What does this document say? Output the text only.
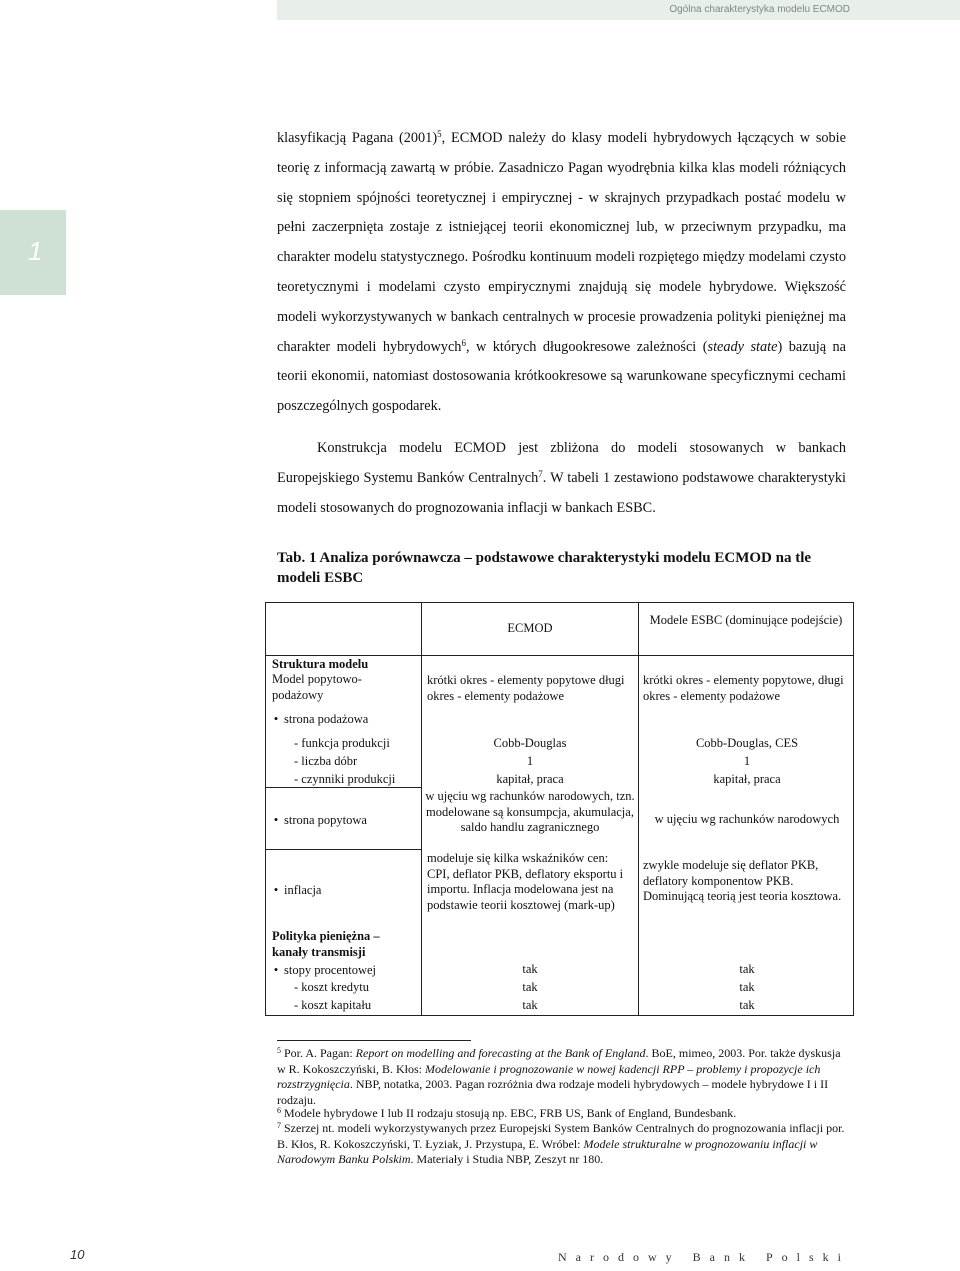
Ogólna charakterystyka modelu ECMOD
1
klasyfikacją Pagana $(2001)^5$, ECMOD należy do klasy modeli hybrydowych łączących w sobie teorię z informacją zawartą w próbie. Zasadniczo Pagan wyodrębnia kilka klas modeli różniących się stopniem spójności teoretycznej i empirycznej - w skrajnych przypadkach postać modelu w pełni zaczerpnięta zostaje z istniejącej teorii ekonomicznej lub, w przeciwnym przypadku, ma charakter modelu statystycznego. Pośrodku kontinuum modeli rozpiętego między modelami czysto teoretycznymi i modelami czysto empirycznymi znajdują się modele hybrydowe. Większość modeli wykorzystywanych w bankach centralnych w procesie prowadzenia polityki pieniężnej ma charakter modeli hybrydowych$^6$, w których długookresowe zależności (steady state) bazują na teorii ekonomii, natomiast dostosowania krótkookresowe są warunkowane specyficznymi cechami poszczególnych gospodarek.
Konstrukcja modelu ECMOD jest zbliżona do modeli stosowanych w bankach Europejskiego Systemu Banków Centralnych$^7$. W tabeli 1 zestawiono podstawowe charakterystyki modeli stosowanych do prognozowania inflacji w bankach ESBC.
Tab. 1 Analiza porównawcza – podstawowe charakterystyki modelu ECMOD na tle modeli ESBC
ECMOD
Modele ESBC (dominujące podejście)
Struktura modelu
Model popytowo-podażowy
krótki okres - elementy popytowe długi okres - elementy podażowe
krótki okres - elementy popytowe, długi okres - elementy podażowe
• strona podażowa
- funkcja produkcji
- liczba dóbr
- czynniki produkcji
Cobb-Douglas
1
kapitał, praca
Cobb-Douglas, CES
1
kapitał, praca
• strona popytowa
w ujęciu wg rachunków narodowych, tzn. modelowane są konsumpcja, akumulacja, saldo handlu zagranicznego
w ujęciu wg rachunków narodowych
• inflacja
modeluje się kilka wskaźników cen: CPI, deflator PKB, deflatory eksportu i importu. Inflacja modelowana jest na podstawie teorii kosztowej (mark-up)
zwykle modeluje się deflator PKB, deflatory komponentow PKB. Dominującą teorią jest teoria kosztowa.
Polityka pieniężna – kanały transmisji
• stopy procentowej
- koszt kredytu
- koszt kapitału
tak
tak
tak
tak
tak
tak
$^5$ Por. A. Pagan: Report on modelling and forecasting at the Bank of England. BoE, mimeo, 2003. Por. także dyskusja w R. Kokoszczyński, B. Kłos: Modelowanie i prognozowanie w nowej kadencji RPP – problemy i propozycje ich rozstrzygnięcia. NBP, notatka, 2003. Pagan rozróżnia dwa rodzaje modeli hybrydowych – modele hybrydowe I i II rodzaju.
$^6$ Modele hybrydowe I lub II rodzaju stosują np. EBC, FRB US, Bank of England, Bundesbank.
$^7$ Szerzej nt. modeli wykorzystywanych przez Europejski System Banków Centralnych do prognozowania inflacji por. B. Kłos, R. Kokoszczyński, T. Łyziak, J. Przystupa, E. Wróbel: Modele strukturalne w prognozowaniu inflacji w Narodowym Banku Polskim. Materiały i Studia NBP, Zeszyt nr 180.
10	Narodowy Bank Polski
